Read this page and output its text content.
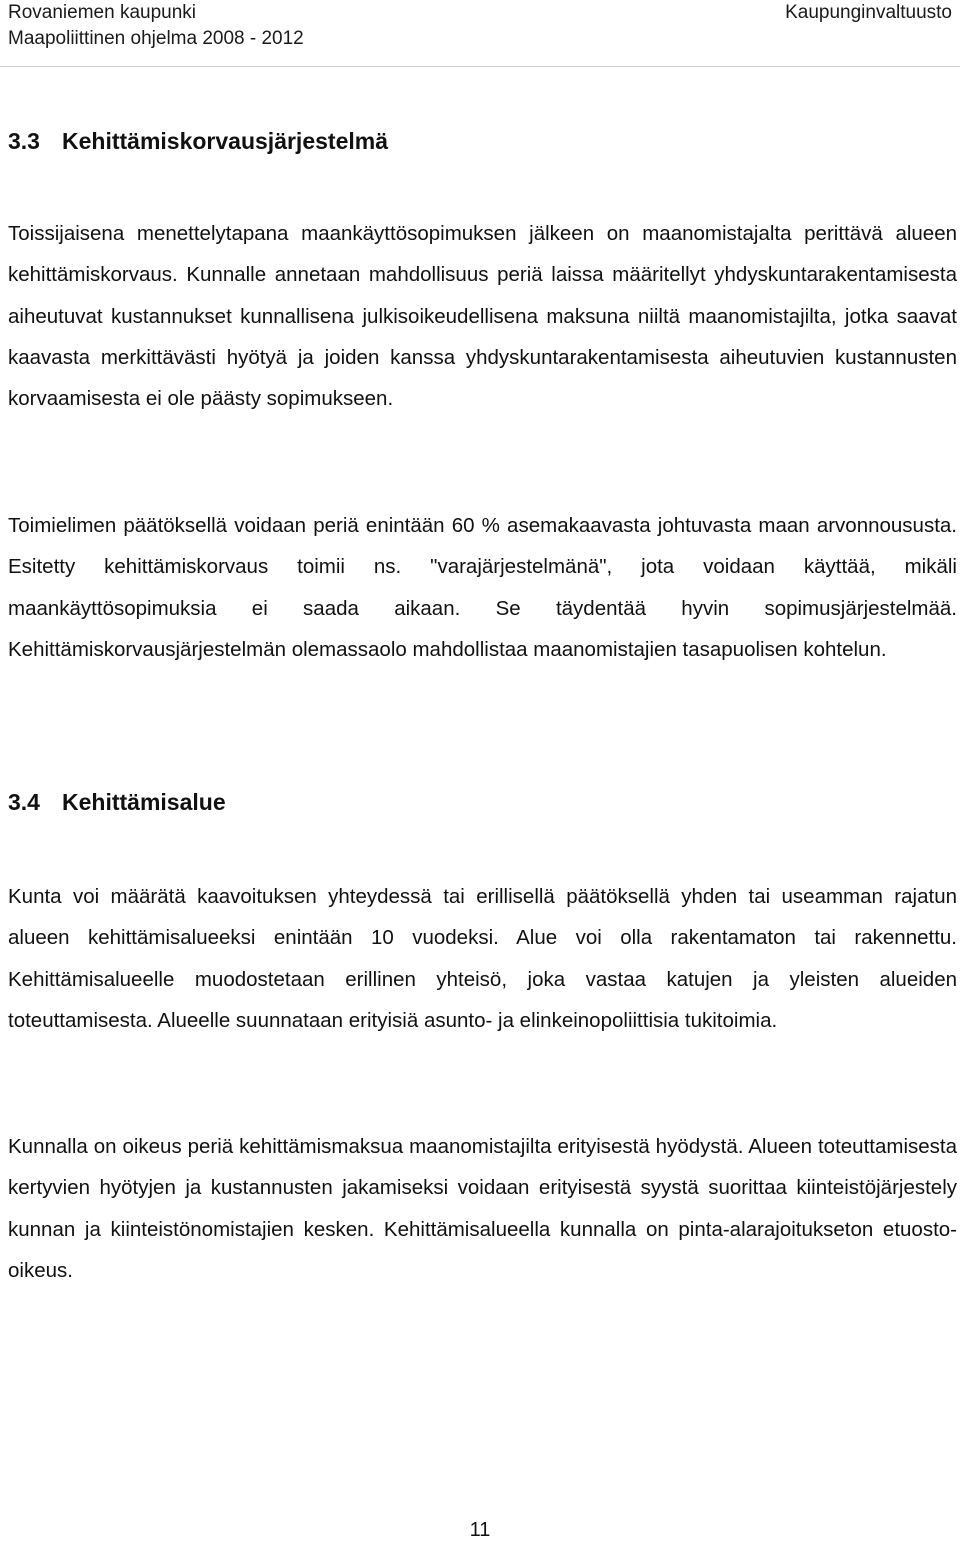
Rovaniemen kaupunki	Kaupunginvaltuusto
Maapoliittinen ohjelma 2008 - 2012
3.3 Kehittämiskorvausjärjestelmä

Toissijaisena menettelytapana maankäyttösopimuksen jälkeen on maanomistajalta perittävä alueen kehittämiskorvaus. Kunnalle annetaan mahdollisuus periä laissa määritellyt yhdyskuntarakentamisesta aiheutuvat kustannukset kunnallisena julkisoikeudellisena maksuna niiltä maanomistajilta, jotka saavat kaavasta merkittävästi hyötyä ja joiden kanssa yhdyskuntarakentamisesta aiheutuvien kustannusten korvaamisesta ei ole päästy sopimukseen.

Toimielimen päätöksellä voidaan periä enintään 60 % asemakaavasta johtuvasta maan arvonnoususta. Esitetty kehittämiskorvaus toimii ns. "varajärjestelmänä", jota voidaan käyttää, mikäli maankäyttösopimuksia ei saada aikaan. Se täydentää hyvin sopimusjärjestelmää. Kehittämiskorvausjärjestelmän olemassaolo mahdollistaa maanomistajien tasapuolisen kohtelun.

3.4 Kehittämisalue

Kunta voi määrätä kaavoituksen yhteydessä tai erillisellä päätöksellä yhden tai useamman rajatun alueen kehittämisalueeksi enintään 10 vuodeksi. Alue voi olla rakentamaton tai rakennettu. Kehittämisalueelle muodostetaan erillinen yhteisö, joka vastaa katujen ja yleisten alueiden toteuttamisesta. Alueelle suunnataan erityisiä asunto- ja elinkeinopoliittisia tukitoimia.

Kunnalla on oikeus periä kehittämismaksua maanomistajilta erityisestä hyödystä. Alueen toteuttamisesta kertyvien hyötyjen ja kustannusten jakamiseksi voidaan erityisestä syystä suorittaa kiinteistöjärjestely kunnan ja kiinteistönomistajien kesken. Kehittämisalueella kunnalla on pinta-alarajoitukseton etuosto-oikeus.

11
